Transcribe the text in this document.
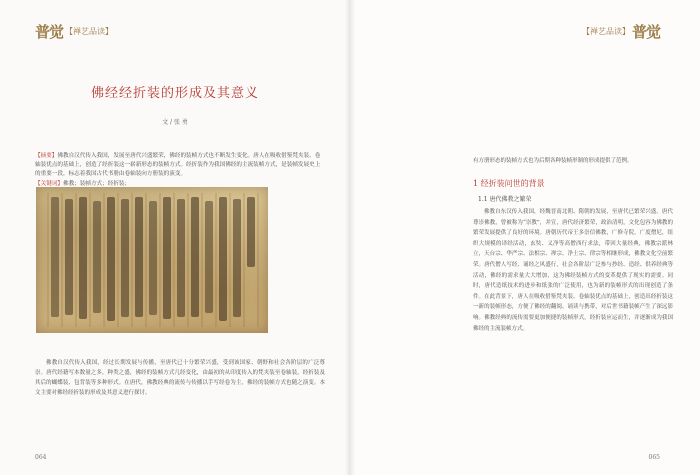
普觉 【禅艺品读】
佛经经折装的形成及其意义
文 / 张 勇
【摘要】佛教自汉代传入我国，发展至唐代兴盛繁荣，佛经的装帧方式也不断发生变化。唐人在吸收借鉴梵夹装、卷轴装优点的基础上，创造了经折装这一崭新形态的装帧方式。经折装作为我国佛经的主流装帧方式，是装帧发展史上的重要一段，标志着我国古代书册由卷轴装向方册装的演变。
【关键词】佛教；装帧方式；经折装；
佛教自汉代传入我国，经过长期发展与传播，至唐代已十分繁荣兴盛，受到该国家、朝野和社会各阶层的广泛尊崇。唐代经籍写本数量之多，种类之盛，佛经的装帧方式几经变化，由最初的从印度传入的梵夹装至卷轴装，经折装及其后的蝴蝶装、包背装等多种形式。在唐代，佛教经典的流传与传播以手写经卷为主，佛经的装帧方式也随之演变。本文主要对佛经经折装的形成及其意义进行探讨。
064
【禅艺品读】 普觉
065
有方册形态的装帧方式也为后期各种装帧形制的形成提供了范例。
1 经折装问世的背景
1.1 唐代佛教之繁荣
佛教自东汉传入我国，经魏晋南北朝、隋朝的发展，至唐代已繁荣兴盛。唐代尊崇佛教，曾被称为“崇教”，并宣，唐代经济繁荣，政治清明，文化包容为佛教的繁荣发展提供了良好的环境。唐朝历代帝王多崇信佛教，广修寺院，广度僧尼，组织大规模的译经活动，玄奘、义净等高僧西行求法，带回大量经典，佛教宗派林立，天台宗、华严宗、法相宗、禅宗、净土宗、律宗等相继形成，佛教文化空前繁荣。唐代僧人写经、诵经之风盛行，社会各阶层广泛参与抄经、造经、供养经典等活动，佛经的需求量大大增加，这为佛经装帧方式的变革提供了现实的需要。同时，唐代造纸技术的进步和纸张的广泛使用，也为新的装帧形式的出现创造了条件。在此背景下，唐人在吸收借鉴梵夹装、卷轴装优点的基础上，创造出经折装这一新的装帧形态，方便了佛经的翻阅、诵读与携带，对后世书籍装帧产生了深远影响。佛教经典的流传需要更加便捷的装帧形式，经折装应运而生，并逐渐成为我国佛经的主流装帧方式。
